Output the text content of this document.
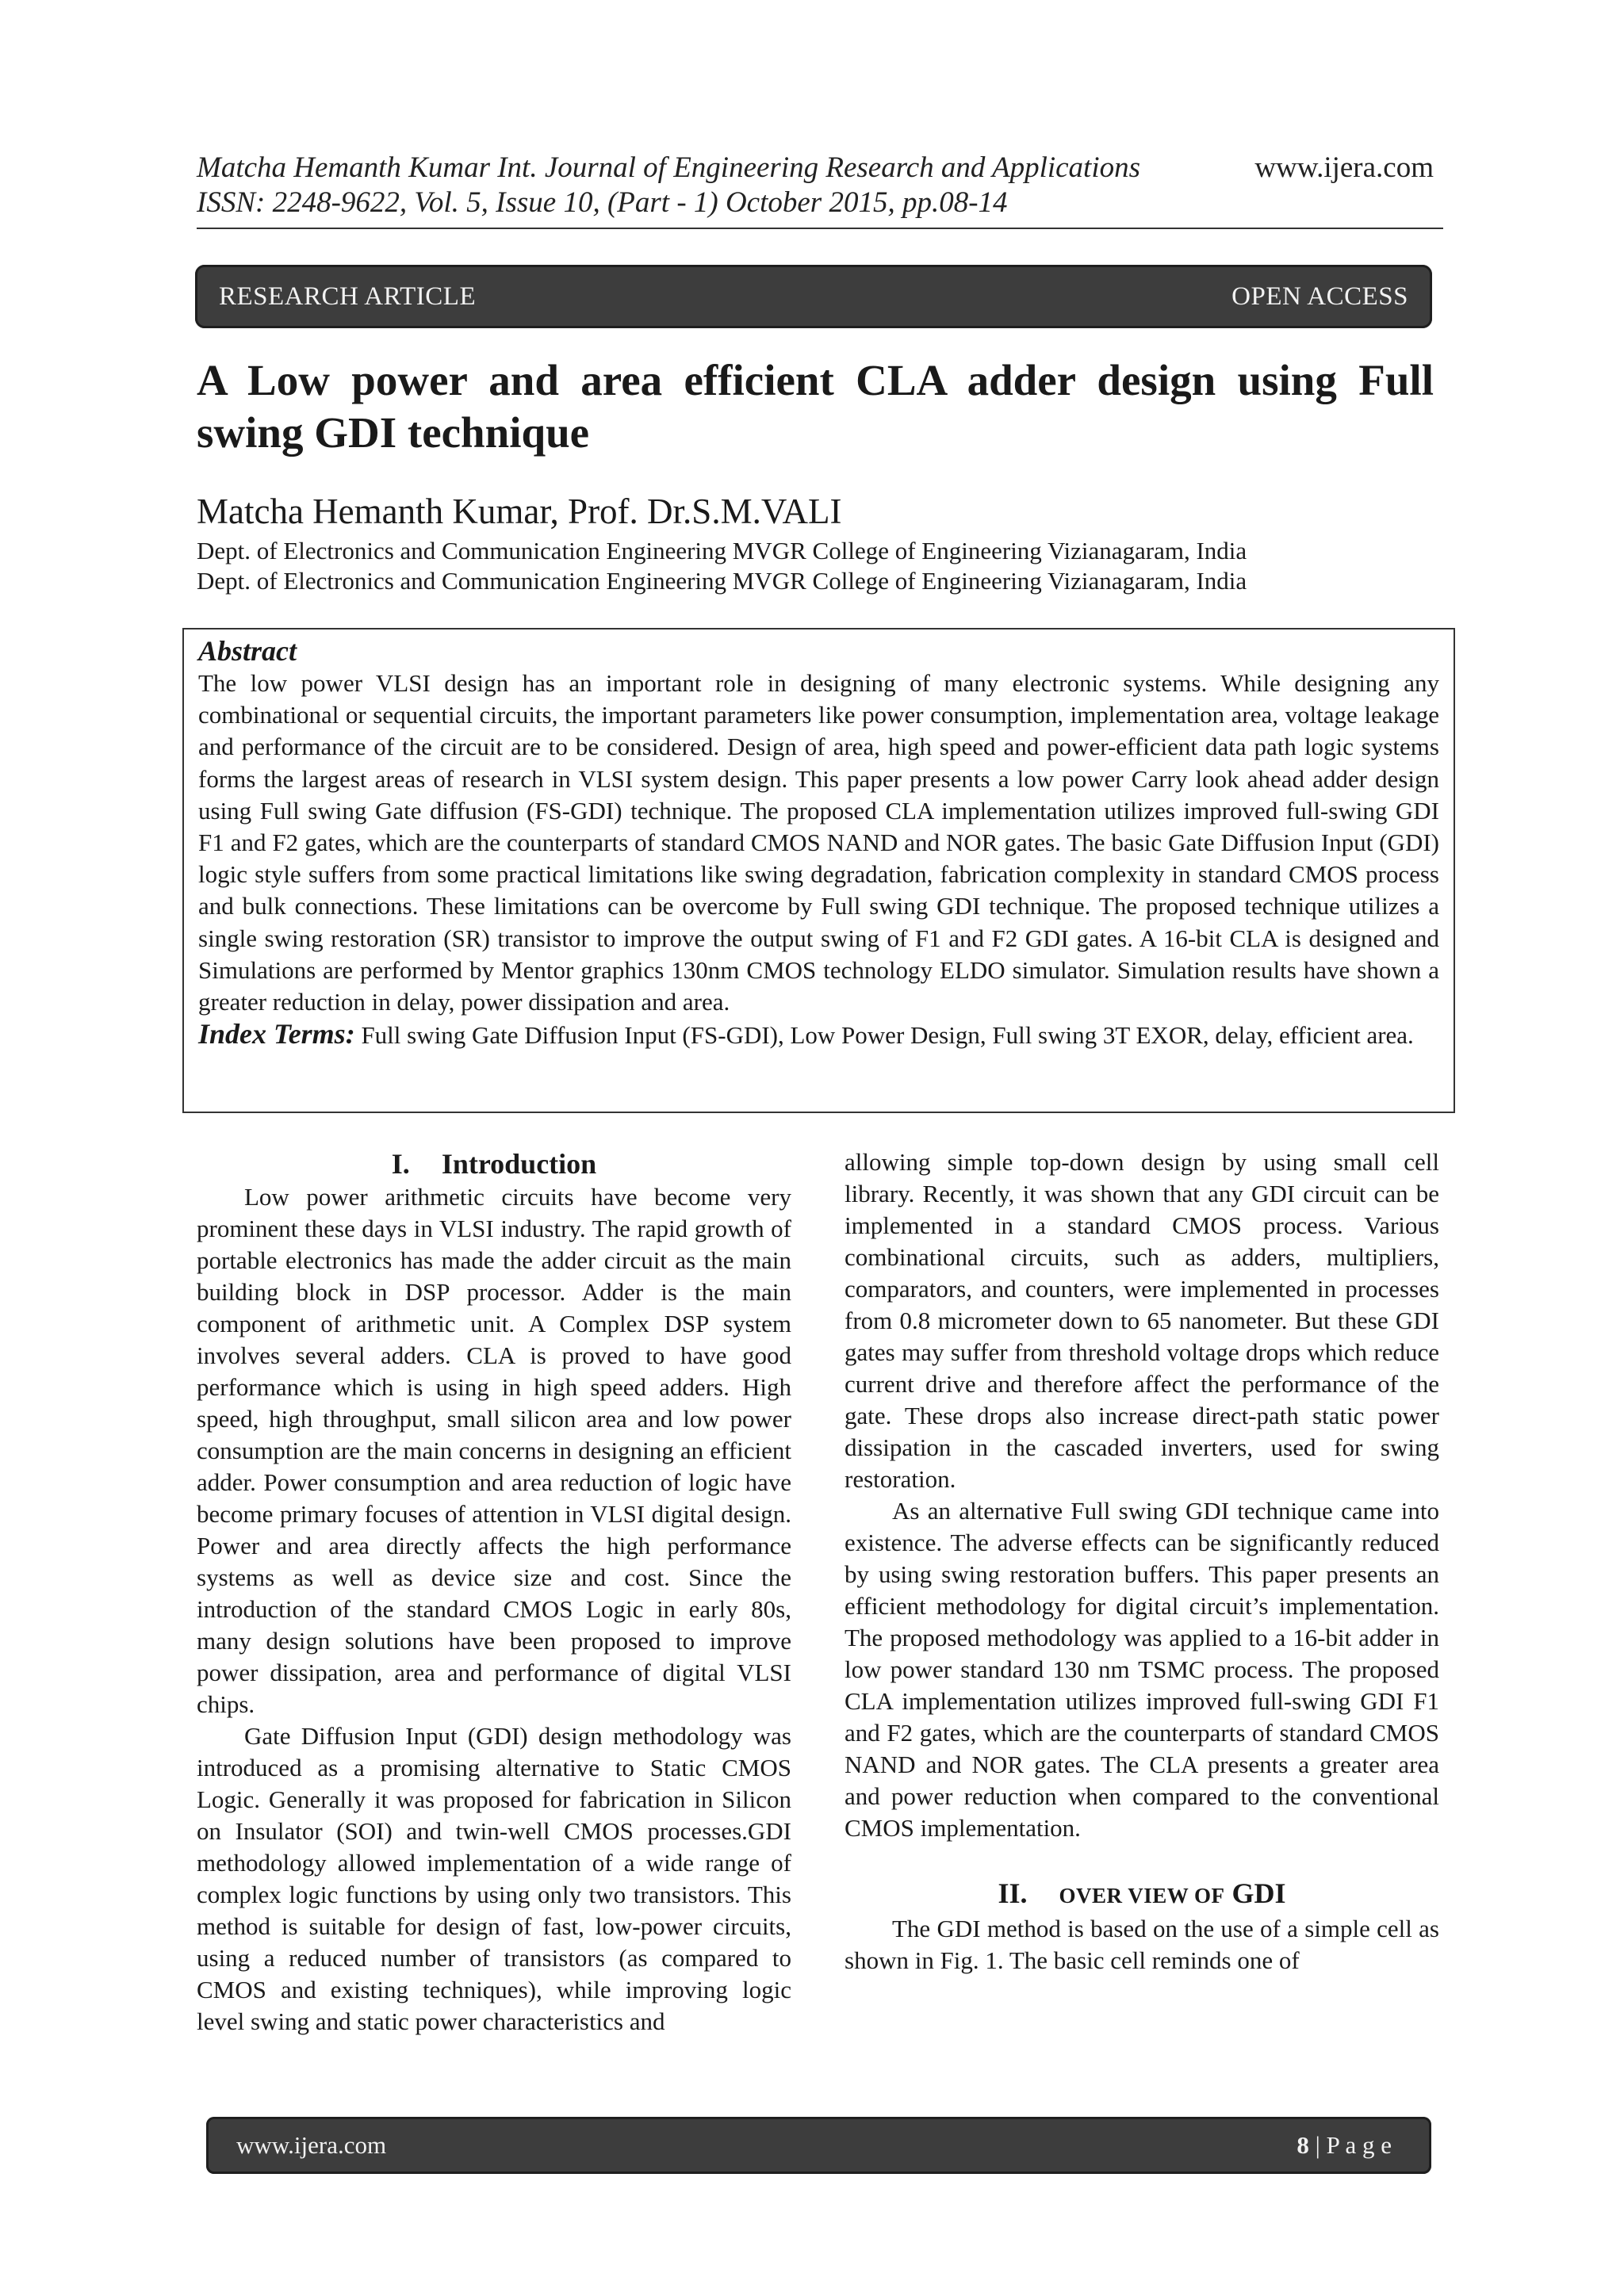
Matcha Hemanth Kumar Int. Journal of Engineering Research and Applications
ISSN: 2248-9622, Vol. 5, Issue 10, (Part - 1) October 2015, pp.08-14
www.ijera.com
RESEARCH ARTICLE	OPEN ACCESS
A Low power and area efficient CLA adder design using Full swing GDI technique
Matcha Hemanth Kumar, Prof. Dr.S.M.VALI
Dept. of Electronics and Communication Engineering MVGR College of Engineering Vizianagaram, India
Dept. of Electronics and Communication Engineering MVGR College of Engineering Vizianagaram, India
Abstract
The low power VLSI design has an important role in designing of many electronic systems. While designing any combinational or sequential circuits, the important parameters like power consumption, implementation area, voltage leakage and performance of the circuit are to be considered. Design of area, high speed and power-efficient data path logic systems forms the largest areas of research in VLSI system design. This paper presents a low power Carry look ahead adder design using Full swing Gate diffusion (FS-GDI) technique. The proposed CLA implementation utilizes improved full-swing GDI F1 and F2 gates, which are the counterparts of standard CMOS NAND and NOR gates. The basic Gate Diffusion Input (GDI) logic style suffers from some practical limitations like swing degradation, fabrication complexity in standard CMOS process and bulk connections. These limitations can be overcome by Full swing GDI technique. The proposed technique utilizes a single swing restoration (SR) transistor to improve the output swing of F1 and F2 GDI gates. A 16-bit CLA is designed and Simulations are performed by Mentor graphics 130nm CMOS technology ELDO simulator. Simulation results have shown a greater reduction in delay, power dissipation and area.
Index Terms: Full swing Gate Diffusion Input (FS-GDI), Low Power Design, Full swing 3T EXOR, delay, efficient area.
I. Introduction

Low power arithmetic circuits have become very prominent these days in VLSI industry. The rapid growth of portable electronics has made the adder circuit as the main building block in DSP processor. Adder is the main component of arithmetic unit. A Complex DSP system involves several adders. CLA is proved to have good performance which is using in high speed adders. High speed, high throughput, small silicon area and low power consumption are the main concerns in designing an efficient adder. Power consumption and area reduction of logic have become primary focuses of attention in VLSI digital design. Power and area directly affects the high performance systems as well as device size and cost. Since the introduction of the standard CMOS Logic in early 80s, many design solutions have been proposed to improve power dissipation, area and performance of digital VLSI chips.

Gate Diffusion Input (GDI) design methodology was introduced as a promising alternative to Static CMOS Logic. Generally it was proposed for fabrication in Silicon on Insulator (SOI) and twin-well CMOS processes.GDI methodology allowed implementation of a wide range of complex logic functions by using only two transistors. This method is suitable for design of fast, low-power circuits, using a reduced number of transistors (as compared to CMOS and existing techniques), while improving logic level swing and static power characteristics and

allowing simple top-down design by using small cell library. Recently, it was shown that any GDI circuit can be implemented in a standard CMOS process. Various combinational circuits, such as adders, multipliers, comparators, and counters, were implemented in processes from 0.8 micrometer down to 65 nanometer. But these GDI gates may suffer from threshold voltage drops which reduce current drive and therefore affect the performance of the gate. These drops also increase direct-path static power dissipation in the cascaded inverters, used for swing restoration.

As an alternative Full swing GDI technique came into existence. The adverse effects can be significantly reduced by using swing restoration buffers. This paper presents an efficient methodology for digital circuit’s implementation. The proposed methodology was applied to a 16-bit adder in low power standard 130 nm TSMC process. The proposed CLA implementation utilizes improved full-swing GDI F1 and F2 gates, which are the counterparts of standard CMOS NAND and NOR gates. The CLA presents a greater area and power reduction when compared to the conventional CMOS implementation.

II. OVER VIEW OF GDI

The GDI method is based on the use of a simple cell as shown in Fig. 1. The basic cell reminds one of

www.ijera.com	8 | P a g e
